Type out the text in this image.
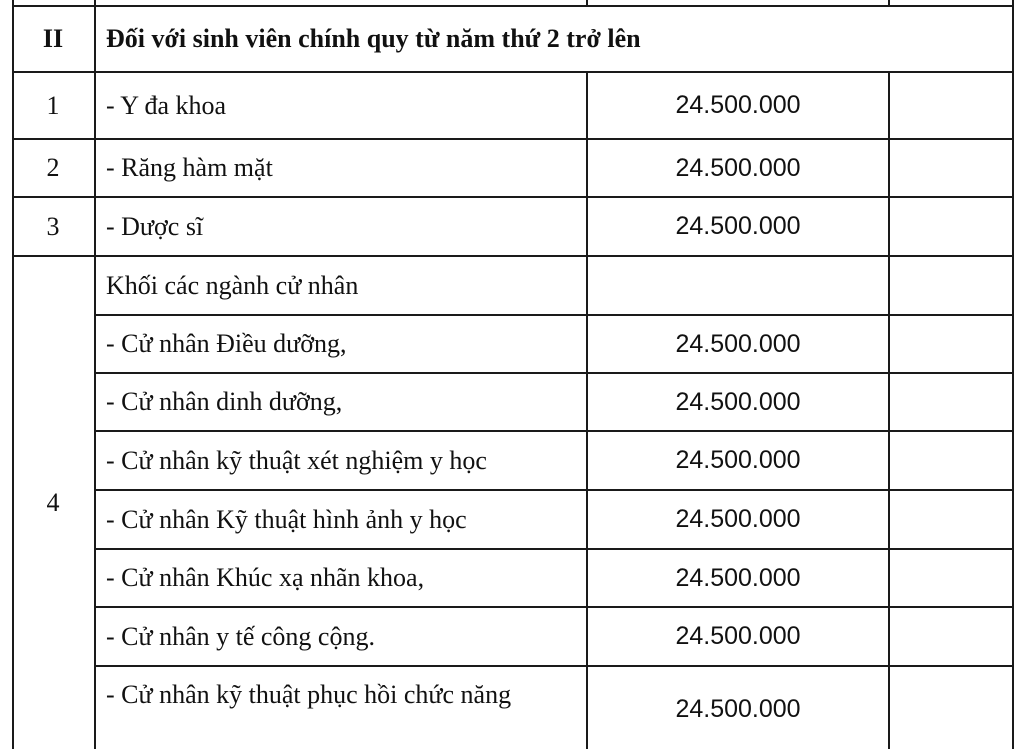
II	Đối với sinh viên chính quy từ năm thứ 2 trở lên
1	- Y đa khoa	24.500.000
2	- Răng hàm mặt	24.500.000
3	- Dược sĩ	24.500.000
4
Khối các ngành cử nhân
- Cử nhân Điều dưỡng,	24.500.000
- Cử nhân dinh dưỡng,	24.500.000
- Cử nhân kỹ thuật xét nghiệm y học	24.500.000
- Cử nhân Kỹ thuật hình ảnh y học	24.500.000
- Cử nhân Khúc xạ nhãn khoa,	24.500.000
- Cử nhân y tế công cộng.	24.500.000
- Cử nhân kỹ thuật phục hồi chức năng	24.500.000
